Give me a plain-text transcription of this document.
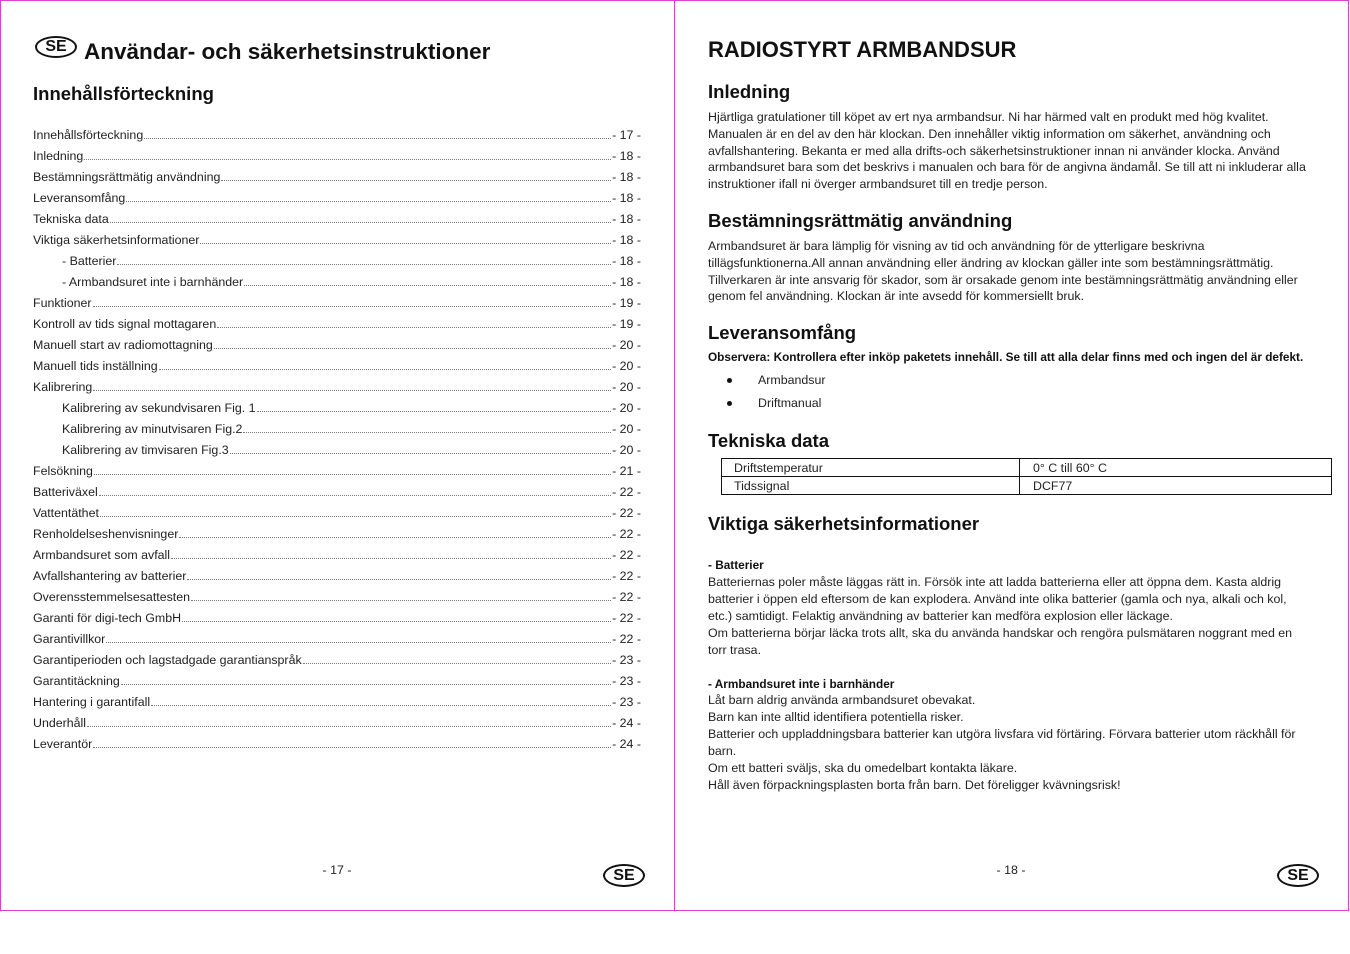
SE Användar- och säkerhetsinstruktioner
Innehållsförteckning
Innehållsförteckning	- 17 -
Inledning	- 18 -
Bestämningsrättmätig användning	- 18 -
Leveransomfång	- 18 -
Tekniska data	- 18 -
Viktiga säkerhetsinformationer	- 18 -
- Batterier	- 18 -
- Armbandsuret inte i barnhänder	- 18 -
Funktioner	- 19 -
Kontroll av tids signal mottagaren	- 19 -
Manuell start av radiomottagning	- 20 -
Manuell tids inställning	- 20 -
Kalibrering	- 20 -
Kalibrering av sekundvisaren Fig. 1	- 20 -
Kalibrering av minutvisaren Fig.2	- 20 -
Kalibrering av timvisaren Fig.3	- 20 -
Felsökning	- 21 -
Batteriväxel	- 22 -
Vattentäthet	- 22 -
Renholdelseshenvisninger	- 22 -
Armbandsuret som avfall	- 22 -
Avfallshantering av batterier	- 22 -
Overensstemmelsesattesten	- 22 -
Garanti för digi-tech GmbH	- 22 -
Garantivillkor	- 22 -
Garantiperioden och lagstadgade garantianspråk	- 23 -
Garantitäckning	- 23 -
Hantering i garantifall	- 23 -
Underhåll	- 24 -
Leverantör	- 24 -
- 17 -	SE
RADIOSTYRT ARMBANDSUR
Inledning
Hjärtliga gratulationer till köpet av ert nya armbandsur. Ni har härmed valt en produkt med hög kvalitet.
Manualen är en del av den här klockan. Den innehåller viktig information om säkerhet, användning och
avfallshantering. Bekanta er med alla drifts-och säkerhetsinstruktioner innan ni använder klocka. Använd
armbandsuret bara som det beskrivs i manualen och bara för de angivna ändamål. Se till att ni inkluderar alla
instruktioner ifall ni överger armbandsuret till en tredje person.
Bestämningsrättmätig användning
Armbandsuret är bara lämplig för visning av tid och användning för de ytterligare beskrivna
tillägsfunktionerna.All annan användning eller ändring av klockan gäller inte som bestämningsrättmätig.
Tillverkaren är inte ansvarig för skador, som är orsakade genom inte bestämningsrättmätig användning eller
genom fel användning. Klockan är inte avsedd för kommersiellt bruk.
Leveransomfång
Observera: Kontrollera efter inköp paketets innehåll. Se till att alla delar finns med och ingen del är defekt.
Armbandsur
Driftmanual
Tekniska data
Driftstemperatur	0° C till 60° C
Tidssignal	DCF77
Viktiga säkerhetsinformationer
- Batterier
Batteriernas poler måste läggas rätt in. Försök inte att ladda batterierna eller att öppna dem. Kasta aldrig
batterier i öppen eld eftersom de kan explodera. Använd inte olika batterier (gamla och nya, alkali och kol,
etc.) samtidigt. Felaktig användning av batterier kan medföra explosion eller läckage.
Om batterierna börjar läcka trots allt, ska du använda handskar och rengöra pulsmätaren noggrant med en
torr trasa.
- Armbandsuret inte i barnhänder
Låt barn aldrig använda armbandsuret obevakat.
Barn kan inte alltid identifiera potentiella risker.
Batterier och uppladdningsbara batterier kan utgöra livsfara vid förtäring. Förvara batterier utom räckhåll för
barn.
Om ett batteri sväljs, ska du omedelbart kontakta läkare.
Håll även förpackningsplasten borta från barn. Det föreligger kvävningsrisk!
- 18 -	SE
